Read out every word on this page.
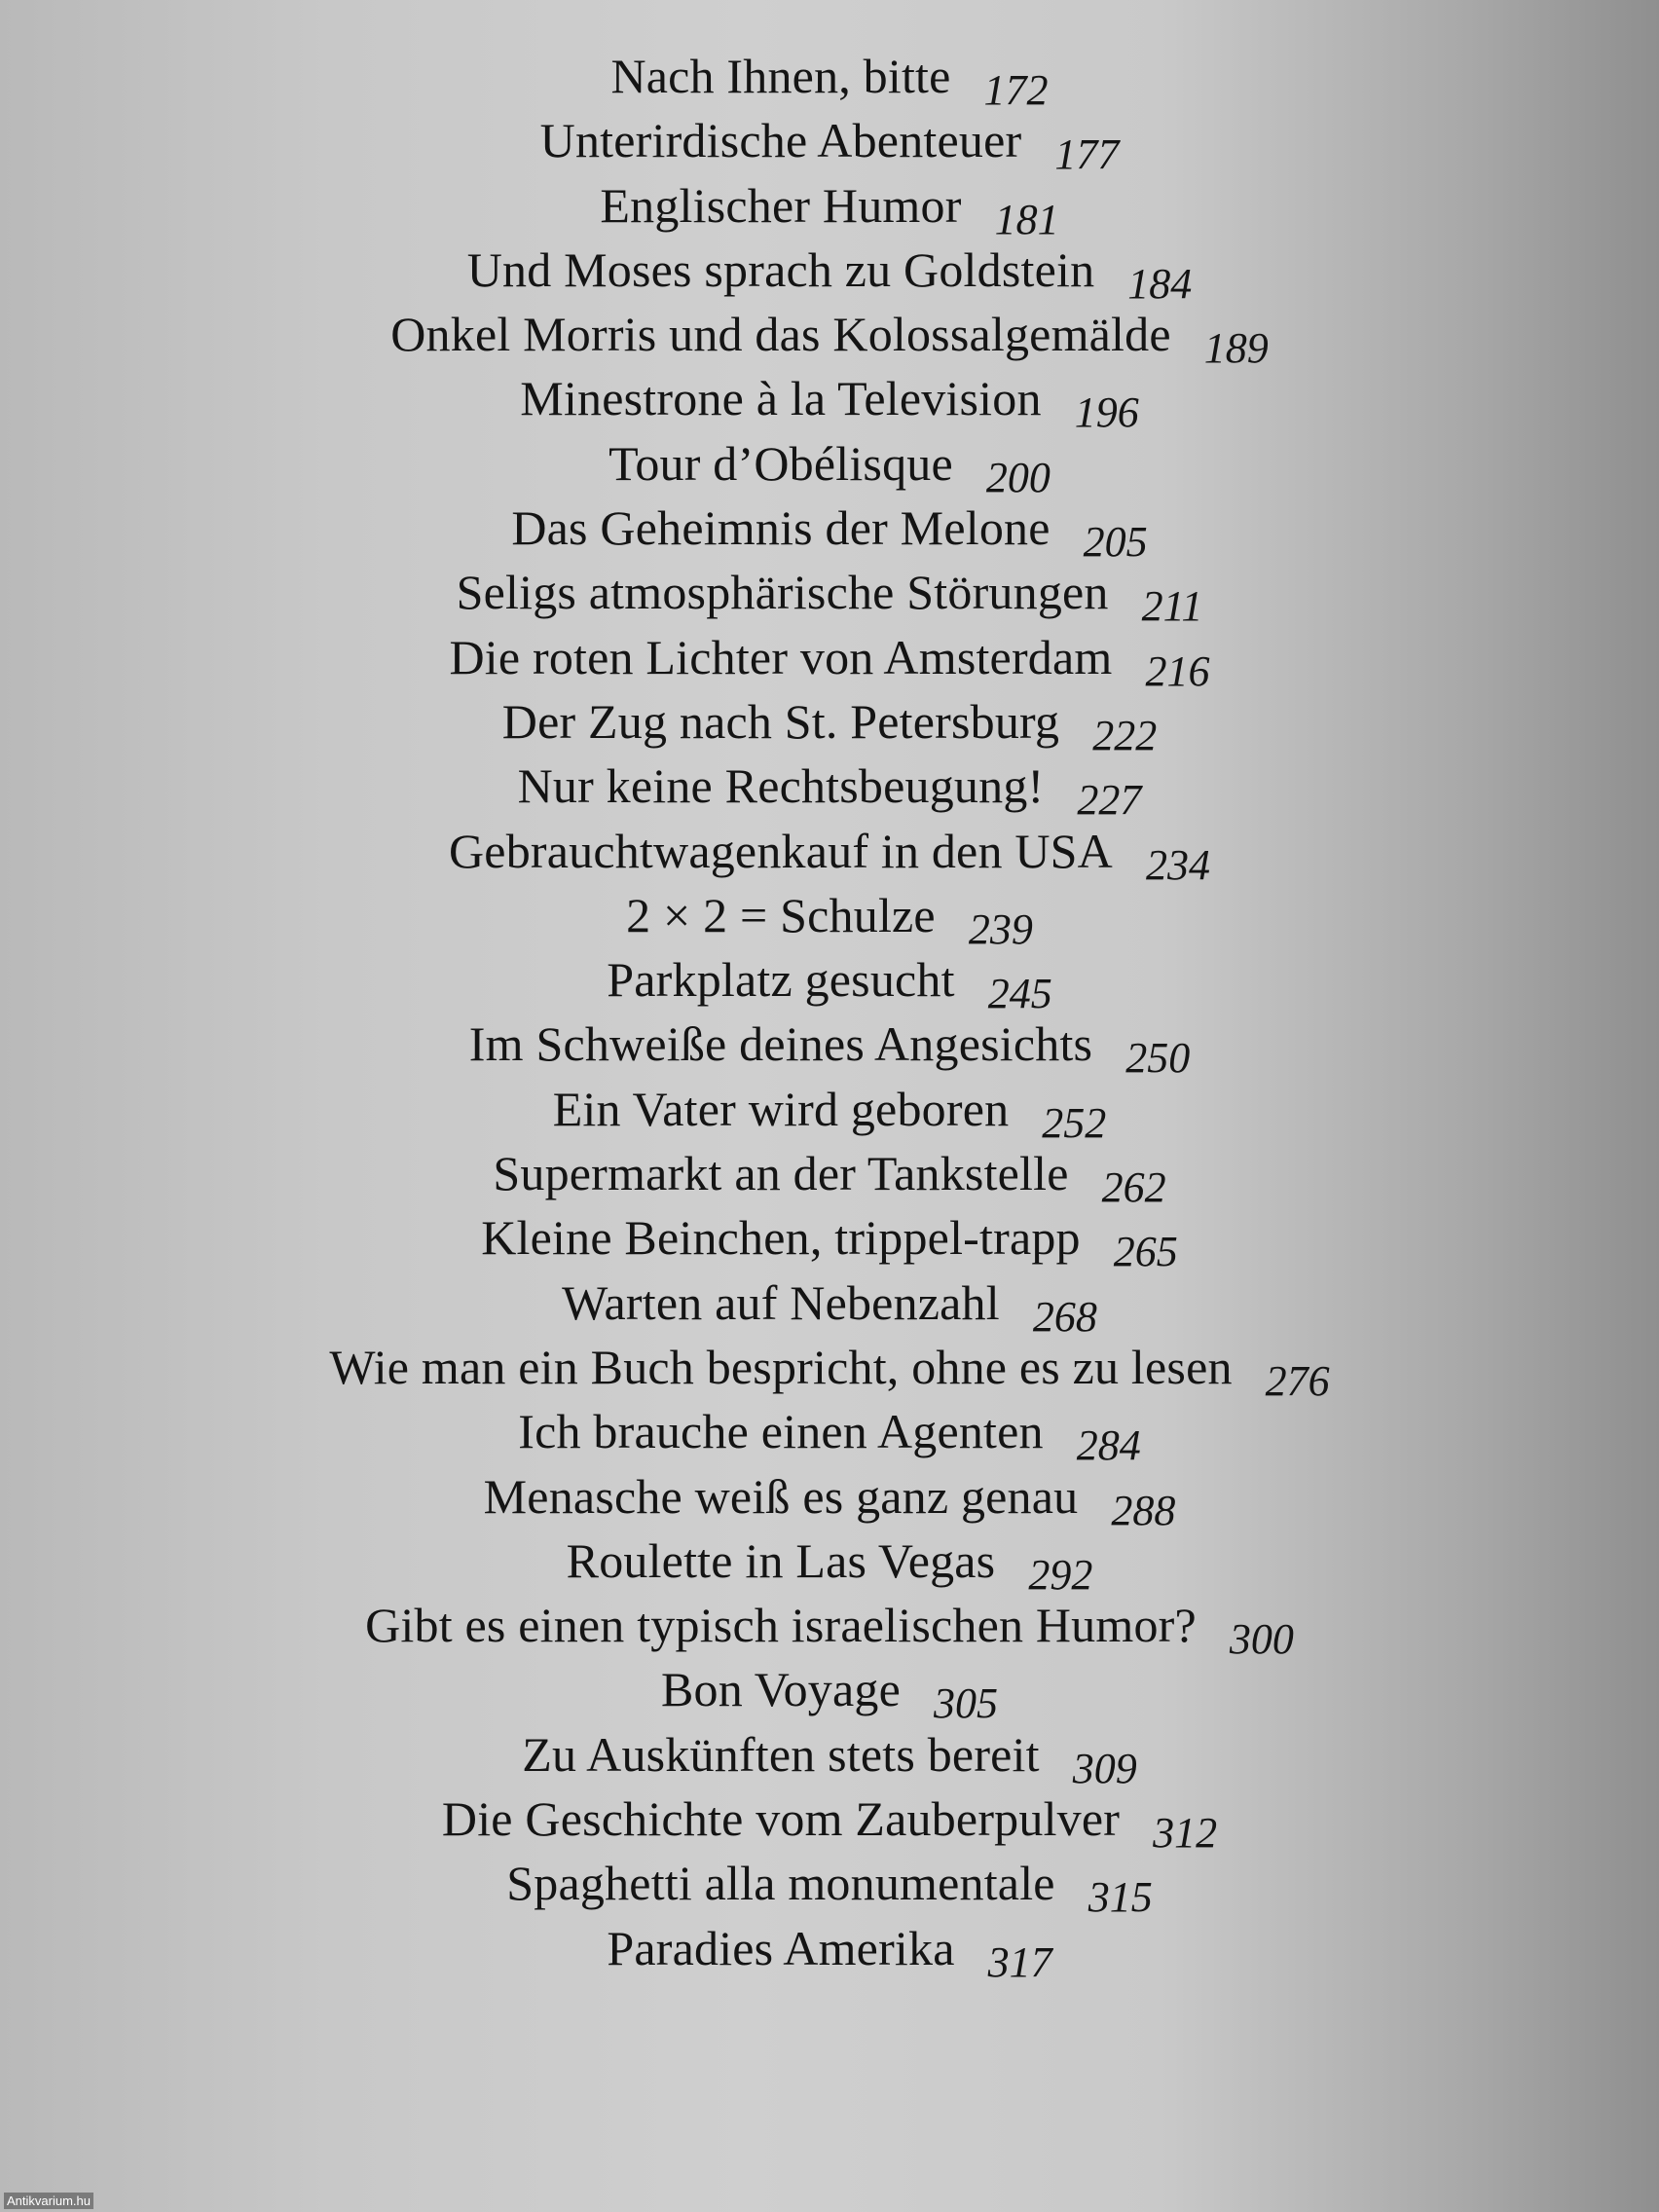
Nach Ihnen, bitte 172
Unterirdische Abenteuer 177
Englischer Humor 181
Und Moses sprach zu Goldstein 184
Onkel Morris und das Kolossalgemälde 189
Minestrone à la Television 196
Tour d’Obélisque 200
Das Geheimnis der Melone 205
Seligs atmosphärische Störungen 211
Die roten Lichter von Amsterdam 216
Der Zug nach St. Petersburg 222
Nur keine Rechtsbeugung! 227
Gebrauchtwagenkauf in den USA 234
2 × 2 = Schulze 239
Parkplatz gesucht 245
Im Schweiße deines Angesichts 250
Ein Vater wird geboren 252
Supermarkt an der Tankstelle 262
Kleine Beinchen, trippel-trapp 265
Warten auf Nebenzahl 268
Wie man ein Buch bespricht, ohne es zu lesen 276
Ich brauche einen Agenten 284
Menasche weiß es ganz genau 288
Roulette in Las Vegas 292
Gibt es einen typisch israelischen Humor? 300
Bon Voyage 305
Zu Auskünften stets bereit 309
Die Geschichte vom Zauberpulver 312
Spaghetti alla monumentale 315
Paradies Amerika 317
Antikvarium.hu
